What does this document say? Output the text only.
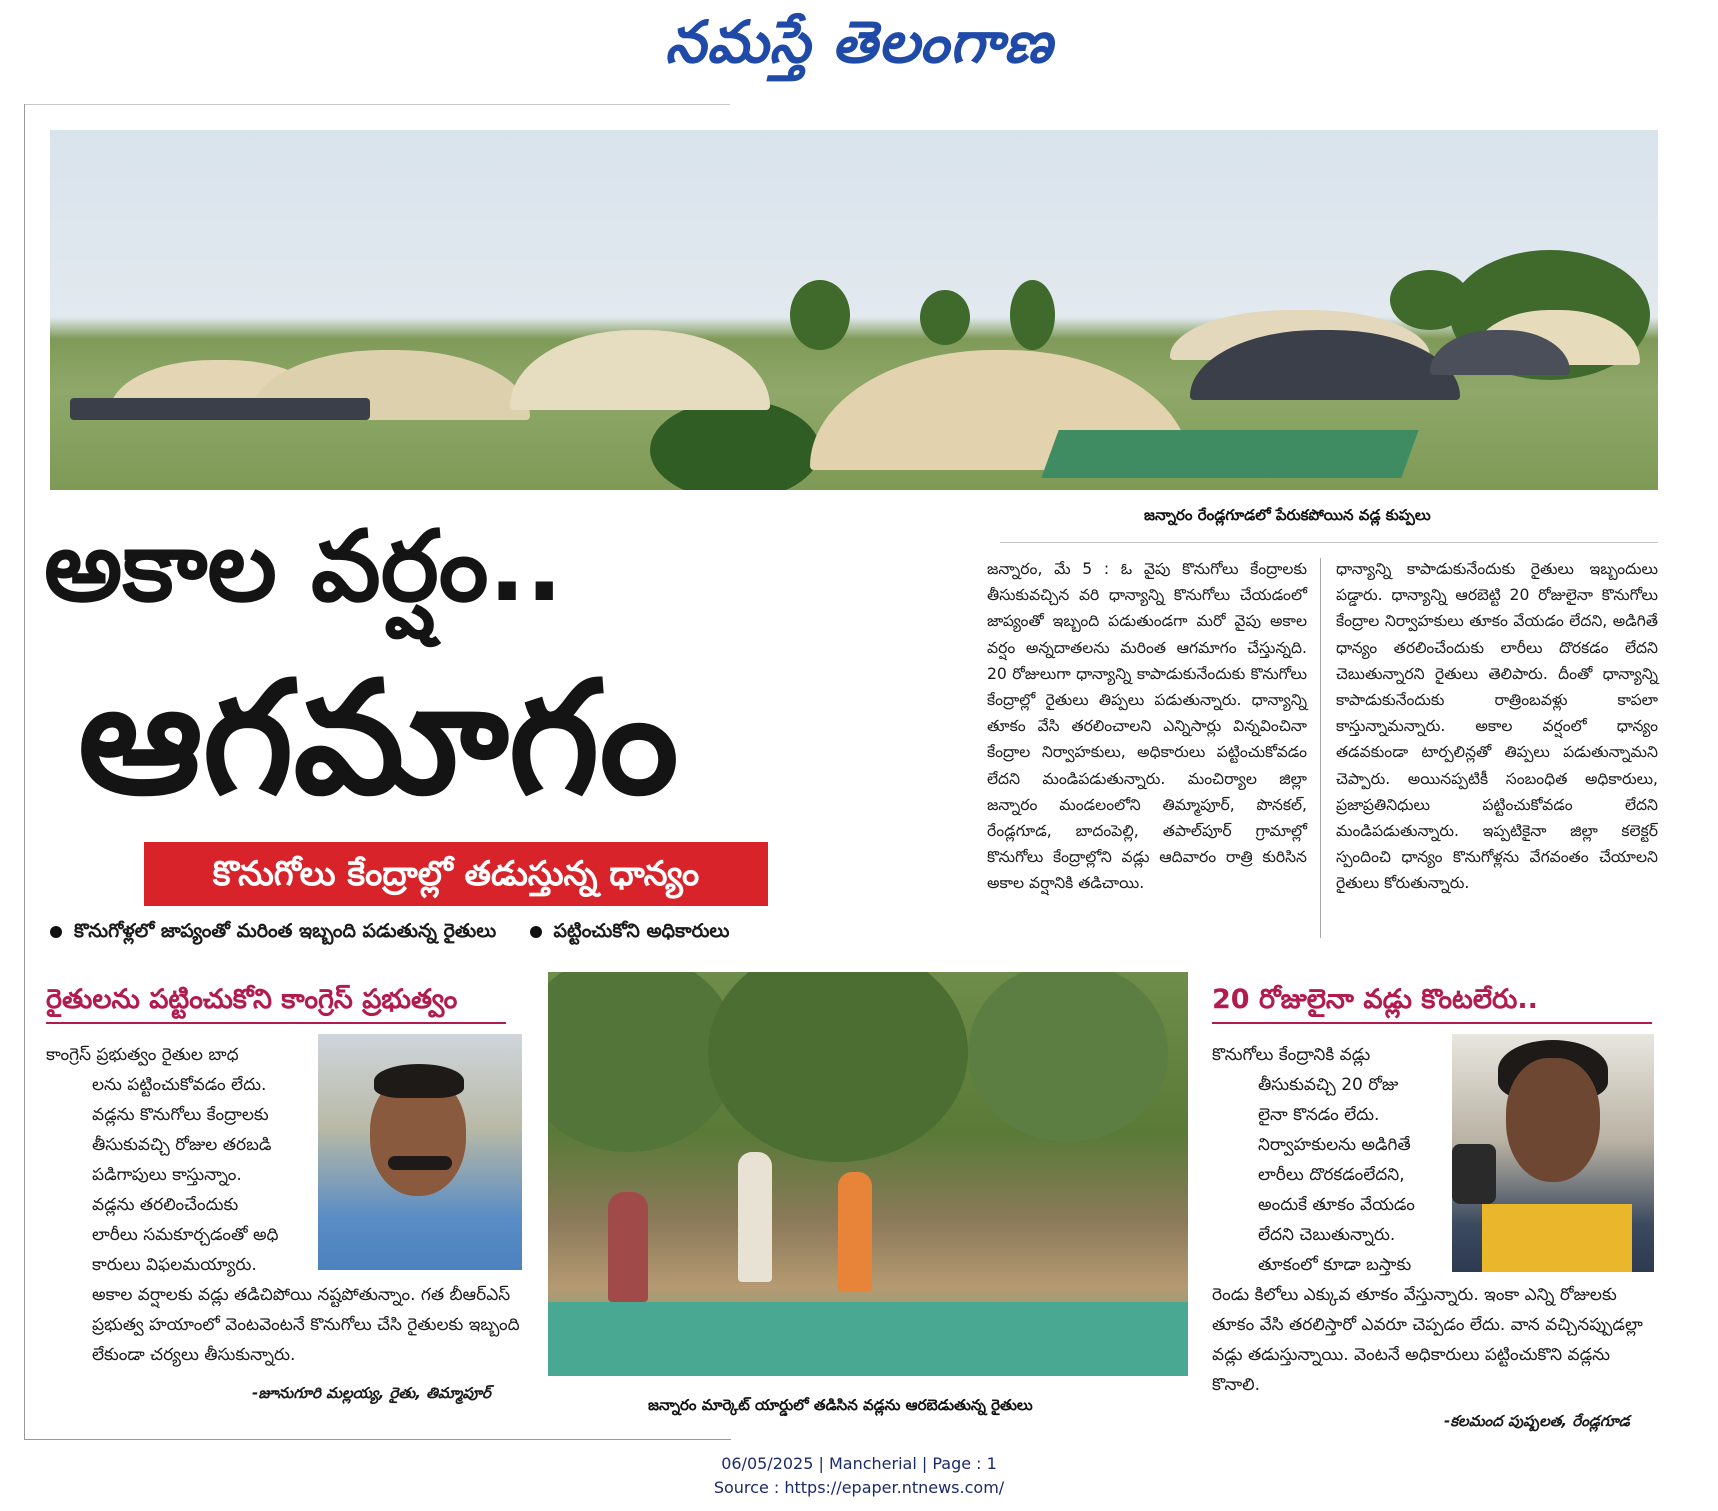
నమస్తే తెలంగాణ
జన్నారం రేండ్లగూడలో పేరుకపోయిన వడ్ల కుప్పలు
అకాల వర్షం..
ఆగమాగం
కొనుగోలు కేంద్రాల్లో తడుస్తున్న ధాన్యం
కొనుగోళ్లలో జాప్యంతో మరింత ఇబ్బంది పడుతున్న రైతులు	పట్టించుకోని అధికారులు
జన్నారం, మే 5 : ఓ వైపు కొనుగోలు కేంద్రాలకు తీసుకువచ్చిన వరి ధాన్యాన్ని కొనుగోలు చేయడంలో జాప్యంతో ఇబ్బంది పడుతుండగా మరో వైపు అకాల వర్షం అన్నదాతలను మరింత ఆగమాగం చేస్తున్నది. 20 రోజులుగా ధాన్యాన్ని కాపాడుకునేందుకు కొనుగోలు కేంద్రాల్లో రైతులు తిప్పలు పడుతున్నారు. ధాన్యాన్ని తూకం వేసి తరలించాలని ఎన్నిసార్లు విన్నవించినా కేంద్రాల నిర్వాహకులు, అధికారులు పట్టించుకోవడం లేదని మండిపడుతున్నారు. మంచిర్యాల జిల్లా జన్నారం మండలంలోని తిమ్మాపూర్, పొనకల్, రేండ్లగూడ, బాదంపెల్లి, తపాల్‌పూర్ గ్రామాల్లో కొనుగోలు కేంద్రాల్లోని వడ్లు ఆదివారం రాత్రి కురిసిన అకాల వర్షానికి తడిచాయి.
ధాన్యాన్ని కాపాడుకునేందుకు రైతులు ఇబ్బందులు పడ్డారు. ధాన్యాన్ని ఆరబెట్టి 20 రోజులైనా కొనుగోలు కేంద్రాల నిర్వాహకులు తూకం వేయడం లేదని, అడిగితే ధాన్యం తరలించేందుకు లారీలు దొరకడం లేదని చెబుతున్నారని రైతులు తెలిపారు. దీంతో ధాన్యాన్ని కాపాడుకునేందుకు రాత్రింబవళ్లు కాపలా కాస్తున్నామన్నారు. అకాల వర్షంలో ధాన్యం తడవకుండా టార్పలిన్లతో తిప్పలు పడుతున్నామని చెప్పారు. అయినప్పటికీ సంబంధిత అధికారులు, ప్రజాప్రతినిధులు పట్టించుకోవడం లేదని మండిపడుతున్నారు. ఇప్పటికైనా జిల్లా కలెక్టర్ స్పందించి ధాన్యం కొనుగోళ్లను వేగవంతం చేయాలని రైతులు కోరుతున్నారు.
రైతులను పట్టించుకోని కాంగ్రెస్ ప్రభుత్వం
కాంగ్రెస్ ప్రభుత్వం రైతుల బాధ
లను పట్టించుకోవడం లేదు.
వడ్లను కొనుగోలు కేంద్రాలకు
తీసుకువచ్చి రోజుల తరబడి
పడిగాపులు కాస్తున్నాం.
వడ్లను తరలించేందుకు
లారీలు సమకూర్చడంతో అధి
కారులు విఫలమయ్యారు.
అకాల వర్షాలకు వడ్లు తడిచిపోయి నష్టపోతున్నాం. గత బీఆర్ఎస్ ప్రభుత్వ హయాంలో వెంటవెంటనే కొనుగోలు చేసి రైతులకు ఇబ్బంది లేకుండా చర్యలు తీసుకున్నారు.
-జూనుగూరి మల్లయ్య, రైతు, తిమ్మాపూర్
జన్నారం మార్కెట్ యార్డులో తడిసిన వడ్లను ఆరబెడుతున్న రైతులు
20 రోజులైనా వడ్లు కొంటలేరు..
కొనుగోలు కేంద్రానికి వడ్లు
తీసుకువచ్చి 20 రోజు
లైనా కొనడం లేదు.
నిర్వాహకులను అడిగితే
లారీలు దొరకడంలేదని,
అందుకే తూకం వేయడం
లేదని చెబుతున్నారు.
తూకంలో కూడా బస్తాకు
రెండు కిలోలు ఎక్కువ తూకం వేస్తున్నారు. ఇంకా ఎన్ని రోజులకు తూకం వేసి తరలిస్తారో ఎవరూ చెప్పడం లేదు. వాన వచ్చినప్పుడల్లా వడ్లు తడుస్తున్నాయి. వెంటనే అధికారులు పట్టించుకొని వడ్లను కొనాలి.
-కలమంద పుష్పలత, రేండ్లగూడ
06/05/2025 | Mancherial | Page : 1
Source : https://epaper.ntnews.com/
